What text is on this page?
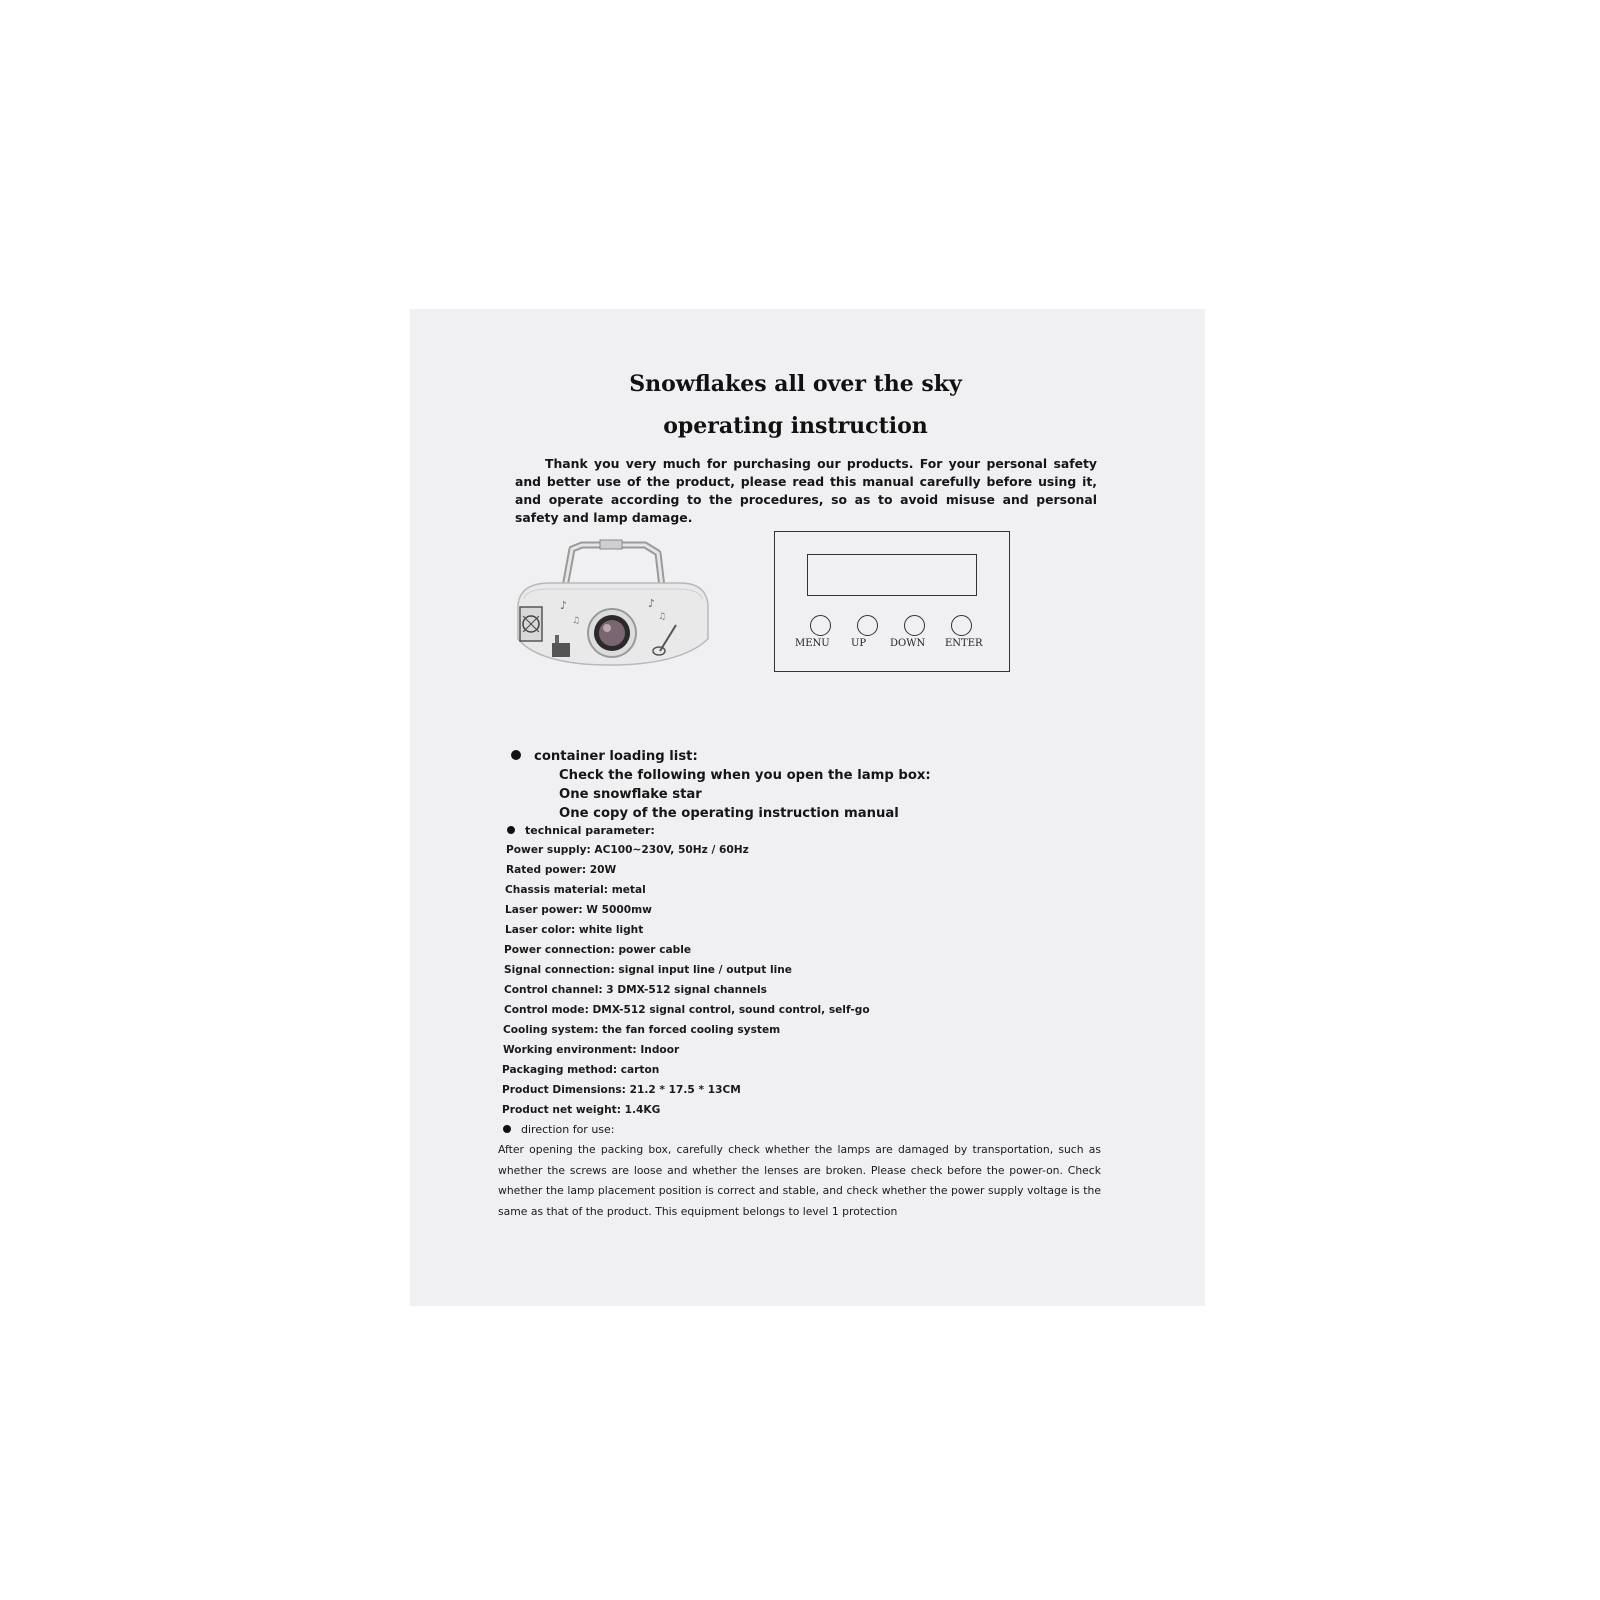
Snowflakes all over the sky
operating instruction
Thank you very much for purchasing our products. For your personal safety and better use of the product, please read this manual carefully before using it, and operate according to the procedures, so as to avoid misuse and personal safety and lamp damage.
♪
♫
♪
♫
MENU UP DOWN ENTER
container loading list:
Check the following when you open the lamp box:
One snowflake star
One copy of the operating instruction manual
technical parameter:
Power supply: AC100~230V, 50Hz / 60Hz
Rated power: 20W
Chassis material: metal
Laser power: W 5000mw
Laser color: white light
Power connection: power cable
Signal connection: signal input line / output line
Control channel: 3 DMX-512 signal channels
Control mode: DMX-512 signal control, sound control, self-go
Cooling system: the fan forced cooling system
Working environment: Indoor
Packaging method: carton
Product Dimensions: 21.2 * 17.5 * 13CM
Product net weight: 1.4KG
direction for use:
After opening the packing box, carefully check whether the lamps are damaged by transportation, such as whether the screws are loose and whether the lenses are broken. Please check before the power-on. Check whether the lamp placement position is correct and stable, and check whether the power supply voltage is the same as that of the product. This equipment belongs to level 1 protection
